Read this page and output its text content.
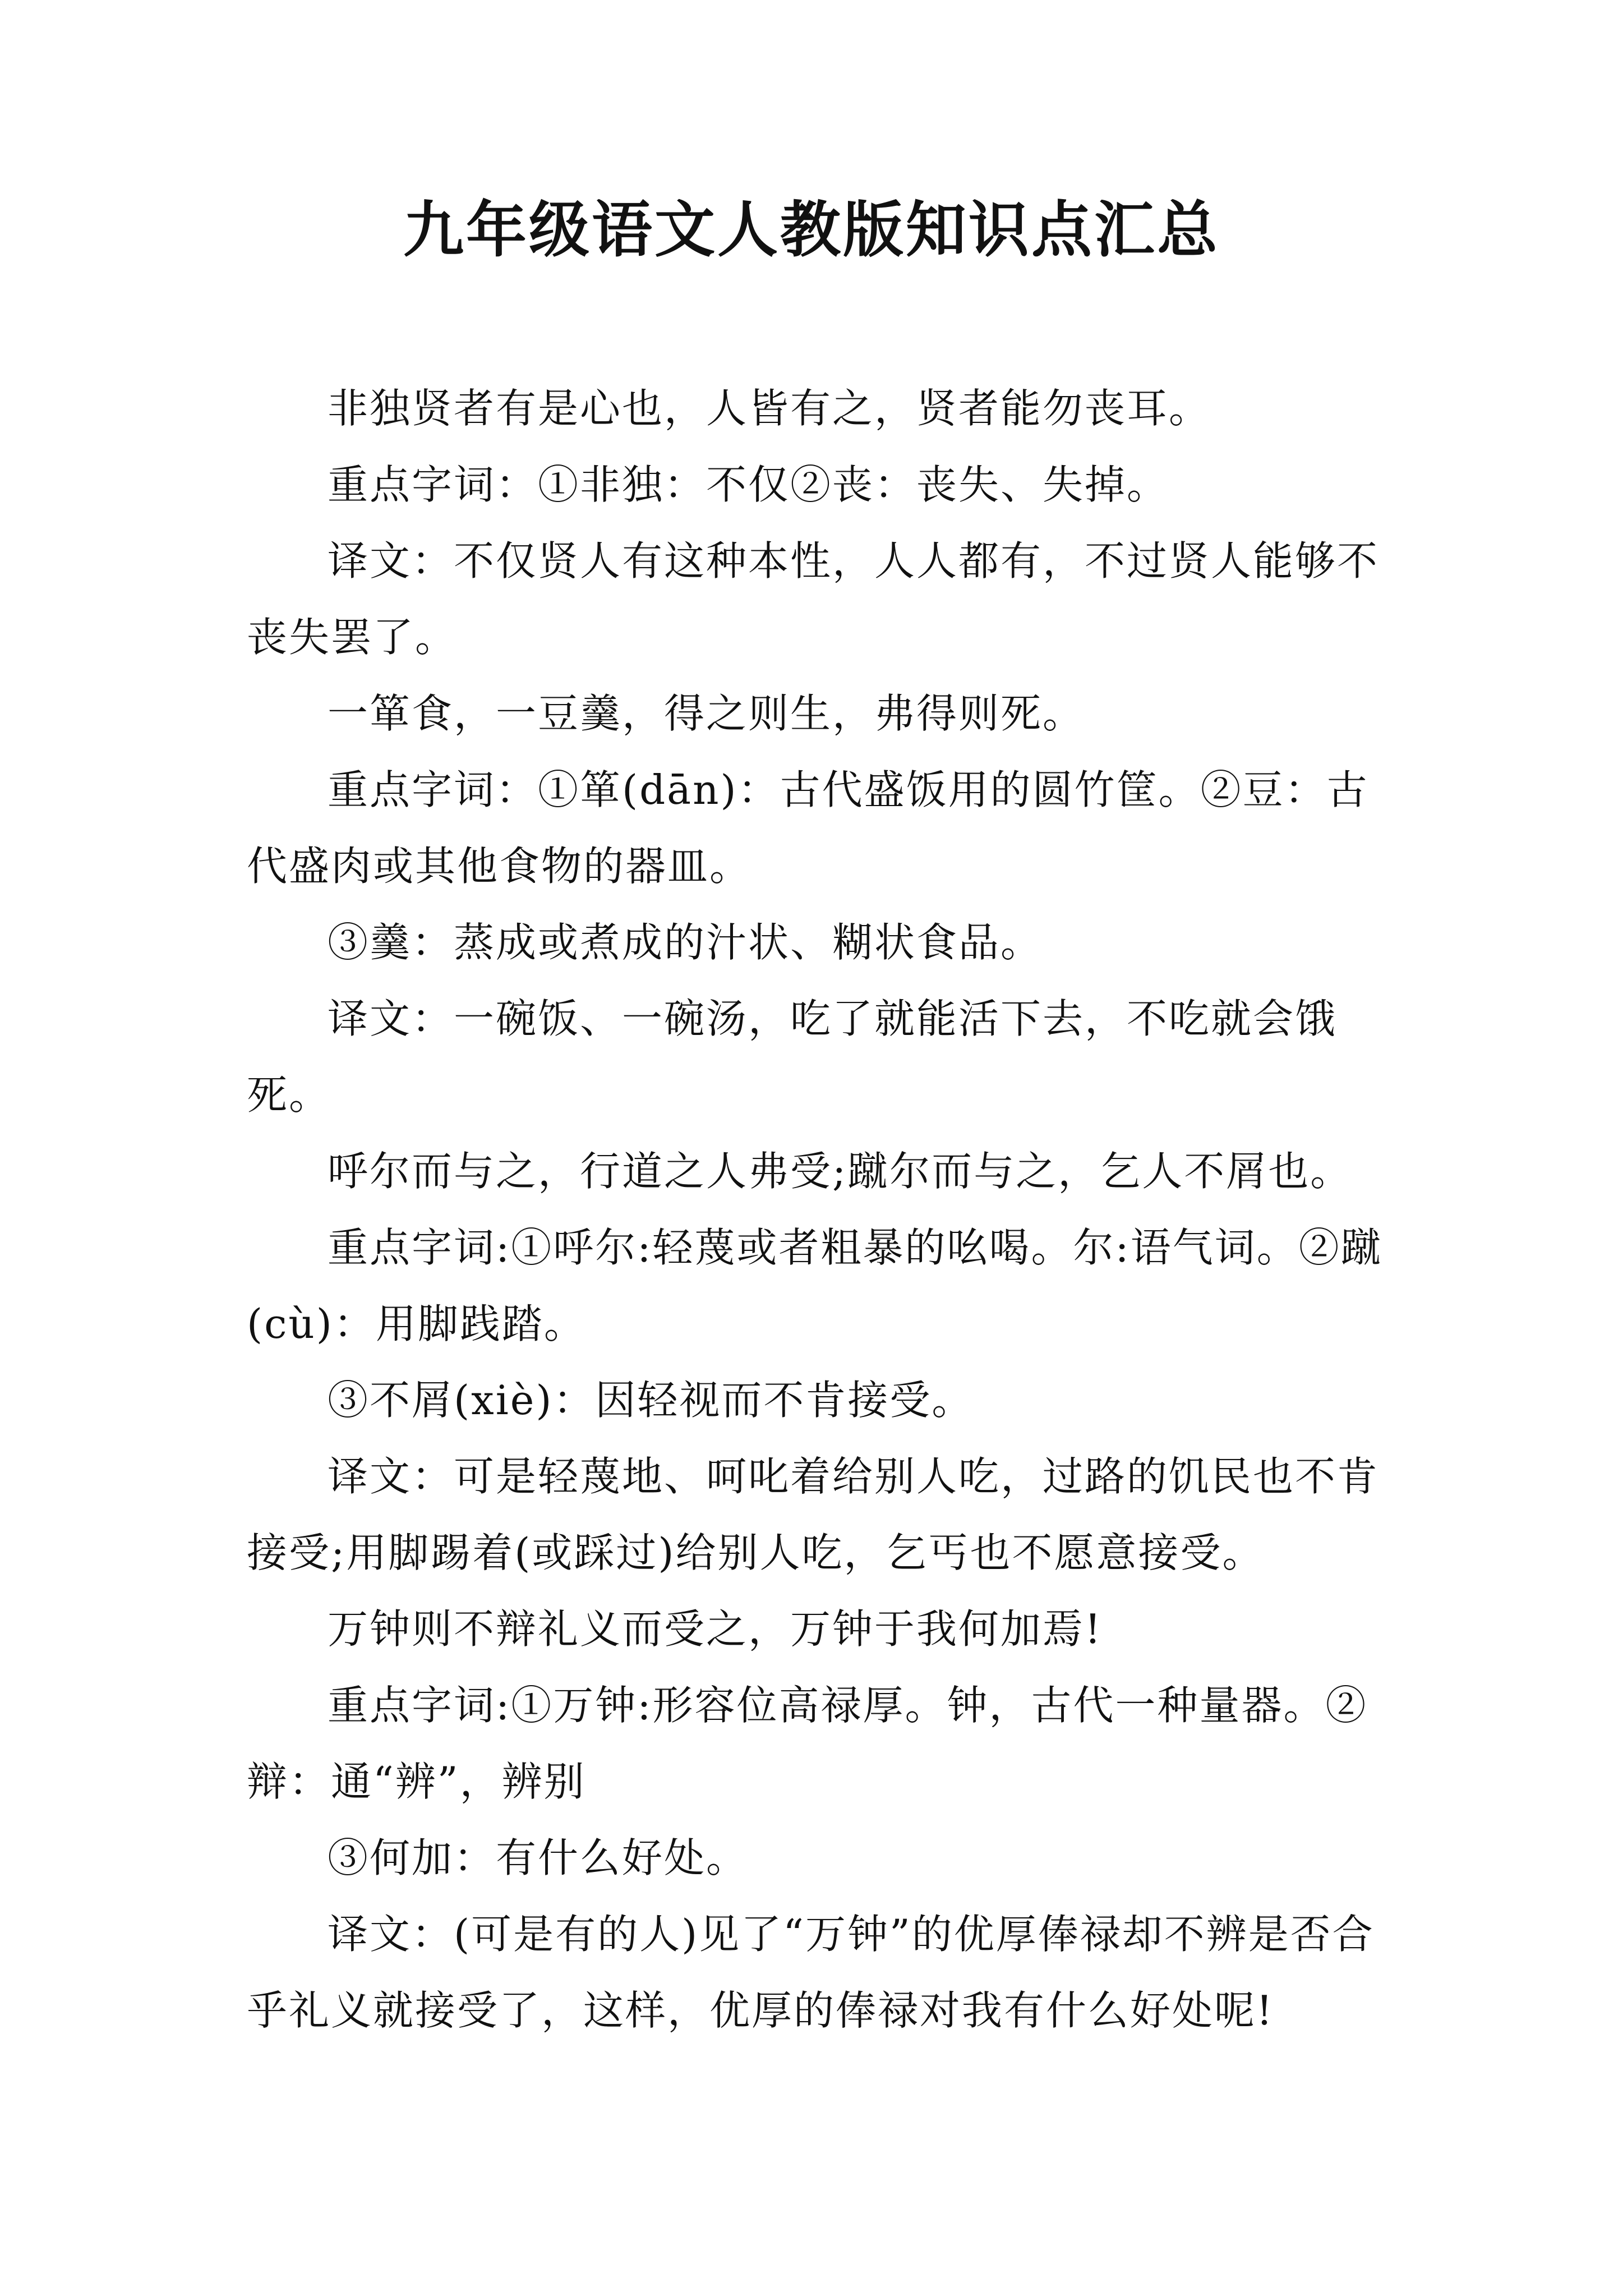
九年级语文人教版知识点汇总

非独贤者有是心也，人皆有之，贤者能勿丧耳。

重点字词：①非独：不仅②丧：丧失、失掉。

译文：不仅贤人有这种本性，人人都有，不过贤人能够不丧失罢了。

一箪食，一豆羹，得之则生，弗得则死。

重点字词：①箪(dān)：古代盛饭用的圆竹筐。②豆：古代盛肉或其他食物的器皿。

③羹：蒸成或煮成的汁状、糊状食品。

译文：一碗饭、一碗汤，吃了就能活下去，不吃就会饿死。

呼尔而与之，行道之人弗受;蹴尔而与之，乞人不屑也。

重点字词:①呼尔:轻蔑或者粗暴的吆喝。尔:语气词。②蹴(cù)：用脚践踏。

③不屑(xiè)：因轻视而不肯接受。

译文：可是轻蔑地、呵叱着给别人吃，过路的饥民也不肯接受;用脚踢着(或踩过)给别人吃，乞丐也不愿意接受。

万钟则不辩礼义而受之，万钟于我何加焉!

重点字词:①万钟:形容位高禄厚。钟，古代一种量器。②辩：通“辨”，辨别

③何加：有什么好处。

译文：(可是有的人)见了“万钟”的优厚俸禄却不辨是否合乎礼义就接受了，这样，优厚的俸禄对我有什么好处呢!
